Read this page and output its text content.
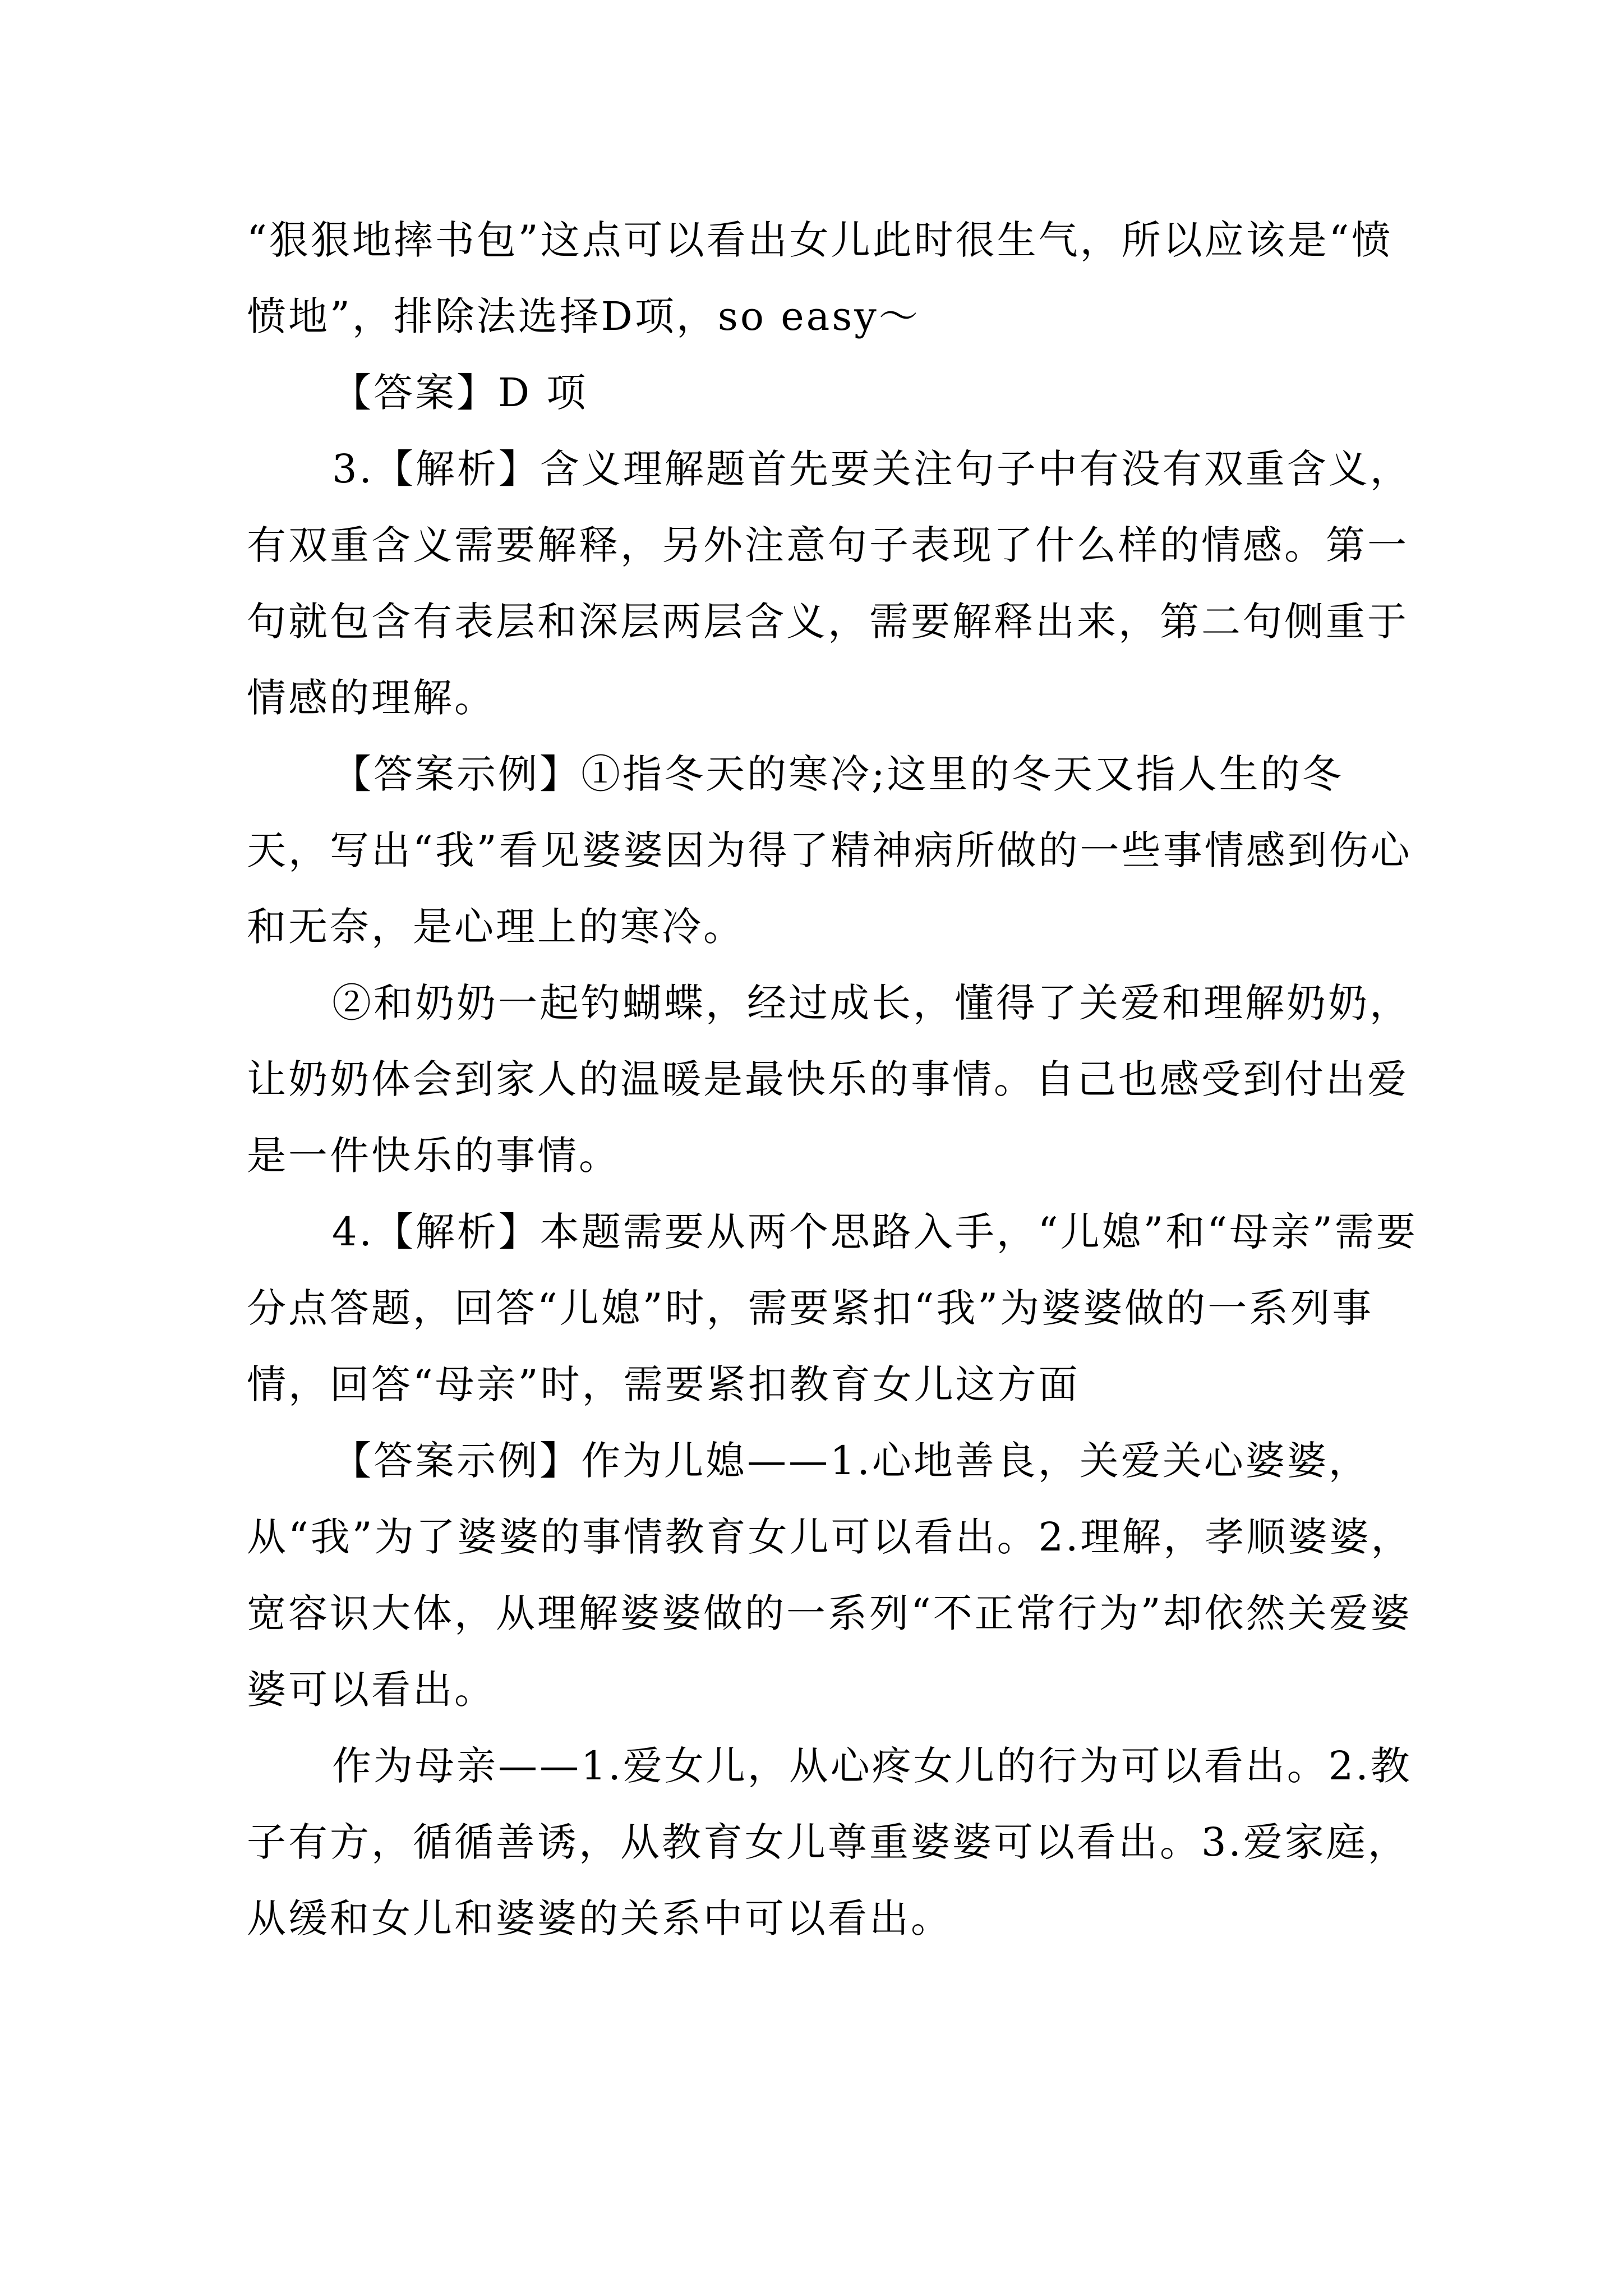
“狠狠地摔书包”这点可以看出女儿此时很生气，所以应该是“愤愤地”，排除法选择D项，so easy～

【答案】D 项

3.【解析】含义理解题首先要关注句子中有没有双重含义，有双重含义需要解释，另外注意句子表现了什么样的情感。第一句就包含有表层和深层两层含义，需要解释出来，第二句侧重于情感的理解。

【答案示例】①指冬天的寒冷;这里的冬天又指人生的冬天，写出“我”看见婆婆因为得了精神病所做的一些事情感到伤心和无奈，是心理上的寒冷。

②和奶奶一起钓蝴蝶，经过成长，懂得了关爱和理解奶奶，让奶奶体会到家人的温暖是最快乐的事情。自己也感受到付出爱是一件快乐的事情。

4.【解析】本题需要从两个思路入手，“儿媳”和“母亲”需要分点答题，回答“儿媳”时，需要紧扣“我”为婆婆做的一系列事情，回答“母亲”时，需要紧扣教育女儿这方面

【答案示例】作为儿媳——1.心地善良，关爱关心婆婆，从“我”为了婆婆的事情教育女儿可以看出。2.理解，孝顺婆婆，宽容识大体，从理解婆婆做的一系列“不正常行为”却依然关爱婆婆可以看出。

作为母亲——1.爱女儿，从心疼女儿的行为可以看出。2.教子有方，循循善诱，从教育女儿尊重婆婆可以看出。3.爱家庭，从缓和女儿和婆婆的关系中可以看出。
